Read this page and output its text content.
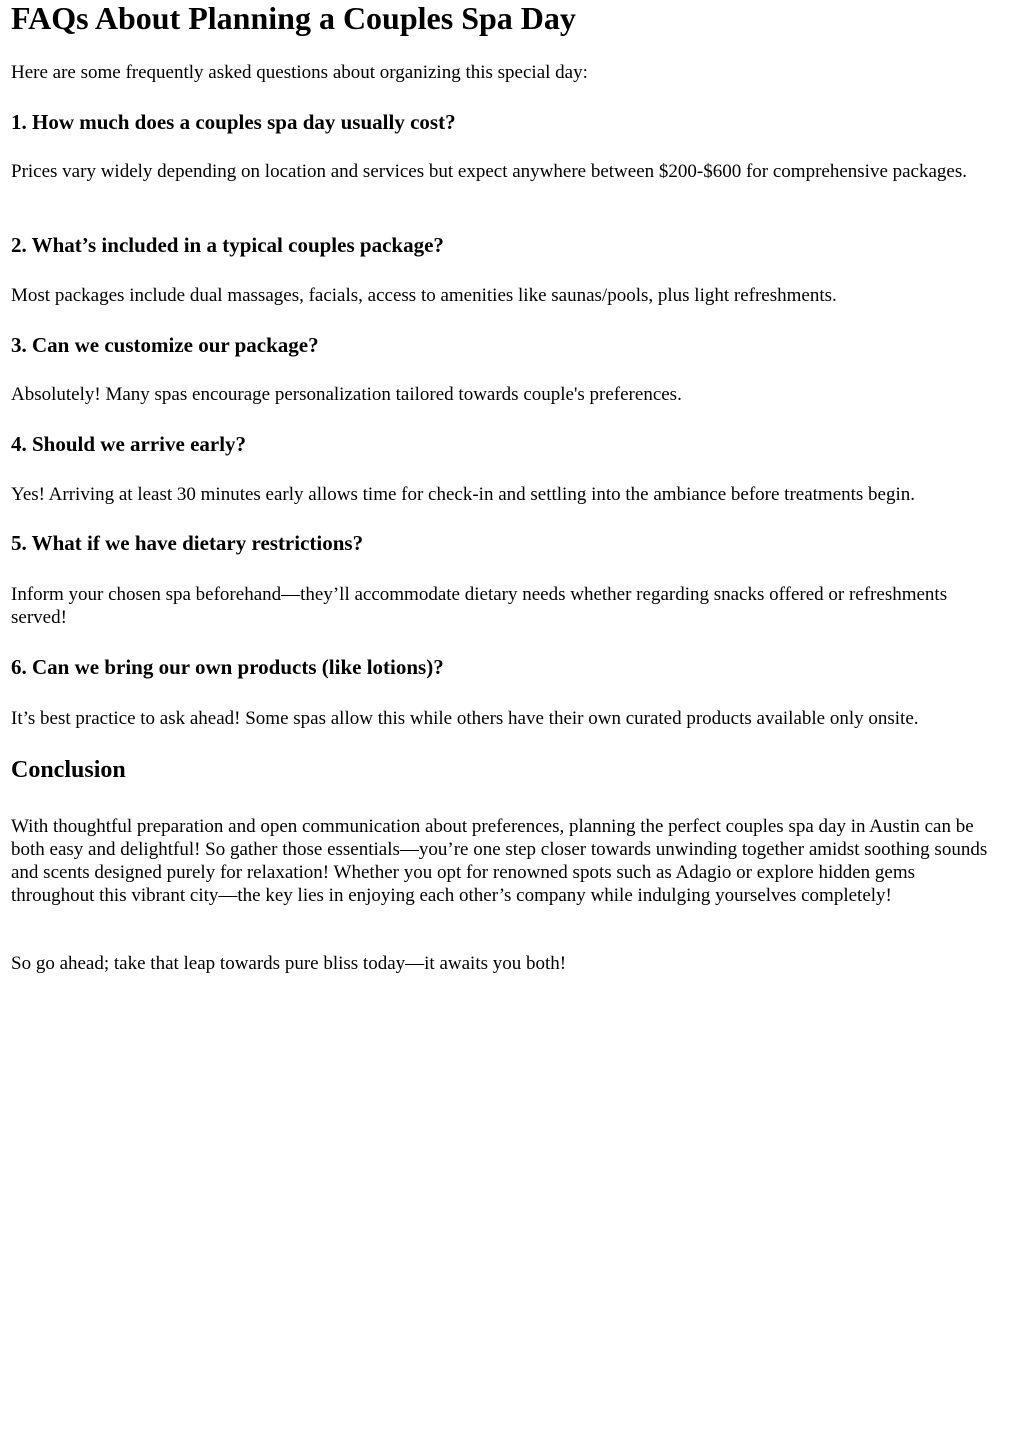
FAQs About Planning a Couples Spa Day

Here are some frequently asked questions about organizing this special day:

1. How much does a couples spa day usually cost?

Prices vary widely depending on location and services but expect anywhere between $200-$600 for comprehensive packages.

2. What’s included in a typical couples package?

Most packages include dual massages, facials, access to amenities like saunas/pools, plus light refreshments.

3. Can we customize our package?

Absolutely! Many spas encourage personalization tailored towards couple's preferences.

4. Should we arrive early?

Yes! Arriving at least 30 minutes early allows time for check-in and settling into the ambiance before treatments begin.

5. What if we have dietary restrictions?

Inform your chosen spa beforehand—they’ll accommodate dietary needs whether regarding snacks offered or refreshments served!

6. Can we bring our own products (like lotions)?

It’s best practice to ask ahead! Some spas allow this while others have their own curated products available only onsite.

Conclusion

With thoughtful preparation and open communication about preferences, planning the perfect couples spa day in Austin can be both easy and delightful! So gather those essentials—you’re one step closer towards unwinding together amidst soothing sounds and scents designed purely for relaxation! Whether you opt for renowned spots such as Adagio or explore hidden gems throughout this vibrant city—the key lies in enjoying each other’s company while indulging yourselves completely!

So go ahead; take that leap towards pure bliss today—it awaits you both!
